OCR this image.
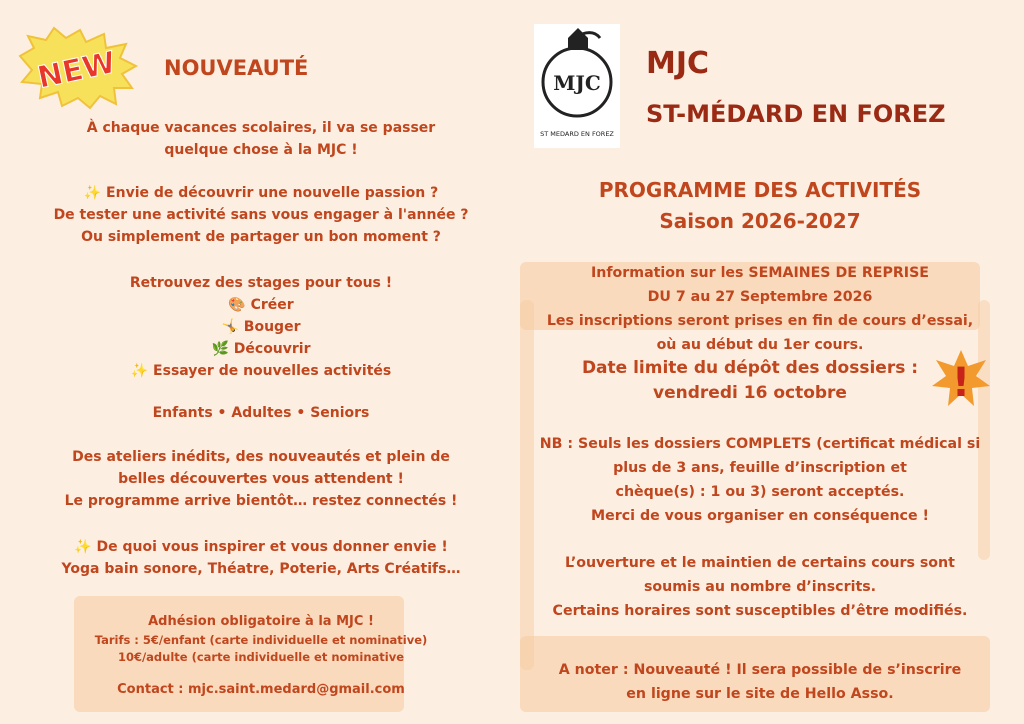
NEW NOUVEAUTÉ
À chaque vacances scolaires, il va se passer
quelque chose à la MJC !
✨ Envie de découvrir une nouvelle passion ?
De tester une activité sans vous engager à l'année ?
Ou simplement de partager un bon moment ?
Retrouvez des stages pour tous !
🎨 Créer
🤸 Bouger
🌿 Découvrir
✨ Essayer de nouvelles activités
Enfants • Adultes • Seniors
Des ateliers inédits, des nouveautés et plein de
belles découvertes vous attendent !
Le programme arrive bientôt… restez connectés !
✨ De quoi vous inspirer et vous donner envie !
Yoga bain sonore, Théatre, Poterie, Arts Créatifs…
Adhésion obligatoire à la MJC !
Tarifs : 5€/enfant (carte individuelle et nominative)
10€/adulte (carte individuelle et nominative
Contact : mjc.saint.medard@gmail.com
MJC
ST MEDARD EN FOREZ
MJC
ST-MÉDARD EN FOREZ
PROGRAMME DES ACTIVITÉS
Saison 2026-2027
Information sur les SEMAINES DE REPRISE
DU 7 au 27 Septembre 2026
Les inscriptions seront prises en fin de cours d’essai,
où au début du 1er cours.
Date limite du dépôt des dossiers :
vendredi 16 octobre	!
NB : Seuls les dossiers COMPLETS (certificat médical si
plus de 3 ans, feuille d’inscription et
chèque(s) : 1 ou 3) seront acceptés.
Merci de vous organiser en conséquence !
L’ouverture et le maintien de certains cours sont
soumis au nombre d’inscrits.
Certains horaires sont susceptibles d’être modifiés.
A noter : Nouveauté ! Il sera possible de s’inscrire
en ligne sur le site de Hello Asso.
